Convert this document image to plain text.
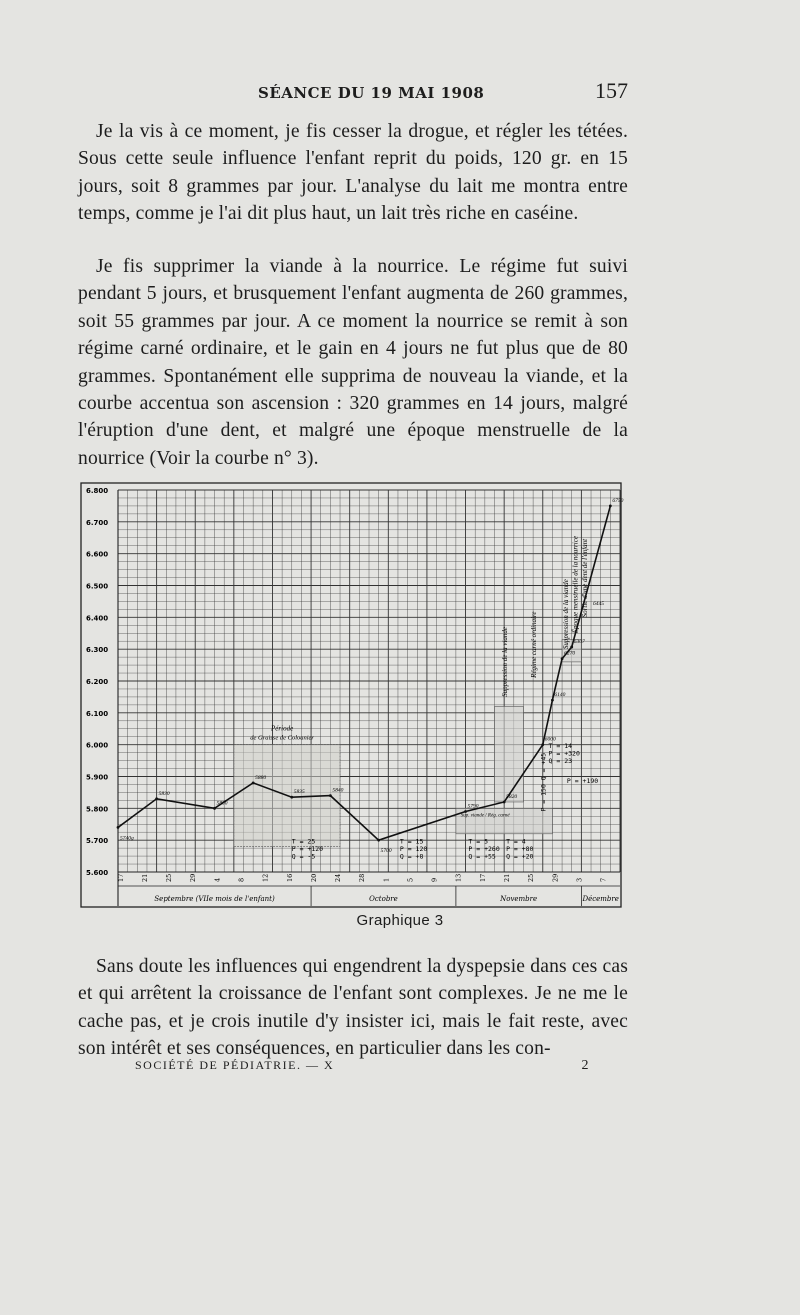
SÉANCE DU 19 MAI 1908	157

Je la vis à ce moment, je fis cesser la drogue, et régler les tétées. Sous cette seule influence l'enfant reprit du poids, 120 gr. en 15 jours, soit 8 grammes par jour. L'analyse du lait me montra entre temps, comme je l'ai dit plus haut, un lait très riche en caséine.

Je fis supprimer la viande à la nourrice. Le régime fut suivi pendant 5 jours, et brusquement l'enfant augmenta de 260 grammes, soit 55 grammes par jour. A ce moment la nourrice se remit à son régime carné ordinaire, et le gain en 4 jours ne fut plus que de 80 grammes. Spontanément elle supprima de nouveau la viande, et la courbe accentua son ascension : 320 grammes en 14 jours, malgré l'éruption d'une dent, et malgré une époque menstruelle de la nourrice (Voir la courbe n° 3).

5.600
5.700
5.800
5.900
6.000
6.100
6.200
6.300
6.400
6.500
6.600
6.700
6.800
17 21 25 29 4 8 12 16 20 24 28 1 5 9 13 17 21 25 29 3 7
Septembre (VIIe mois de l'enfant)	Octobre	Novembre	Décembre
Période
de Graisse de Coloanier
Suppression de la viande	Régime carné ordinaire	Suppression de la viande Époque menstruelle de la nourrice Sortie d'une dent de l'enfant
Sup. viande / Rég. carné
T = 25
P = +120
Q = -5
T = 15
P = 120
Q = +8
T = 5
P = +260
Q = +55
T = 4
P = +80
Q = +20
T = 14
P = +320
Q = 23
P = 150 Q = +45	P = +190
5740g
5830
5800
5880
5835	5840
5700
5790
5820
6000
6140
6270
6307
6750
6445
Graphique 3

Sans doute les influences qui engendrent la dyspepsie dans ces cas et qui arrêtent la croissance de l'enfant sont complexes. Je ne me le cache pas, et je crois inutile d'y insister ici, mais le fait reste, avec son intérêt et ses conséquences, en particulier dans les con-

SOCIÉTÉ DE PÉDIATRIE. — X	2
